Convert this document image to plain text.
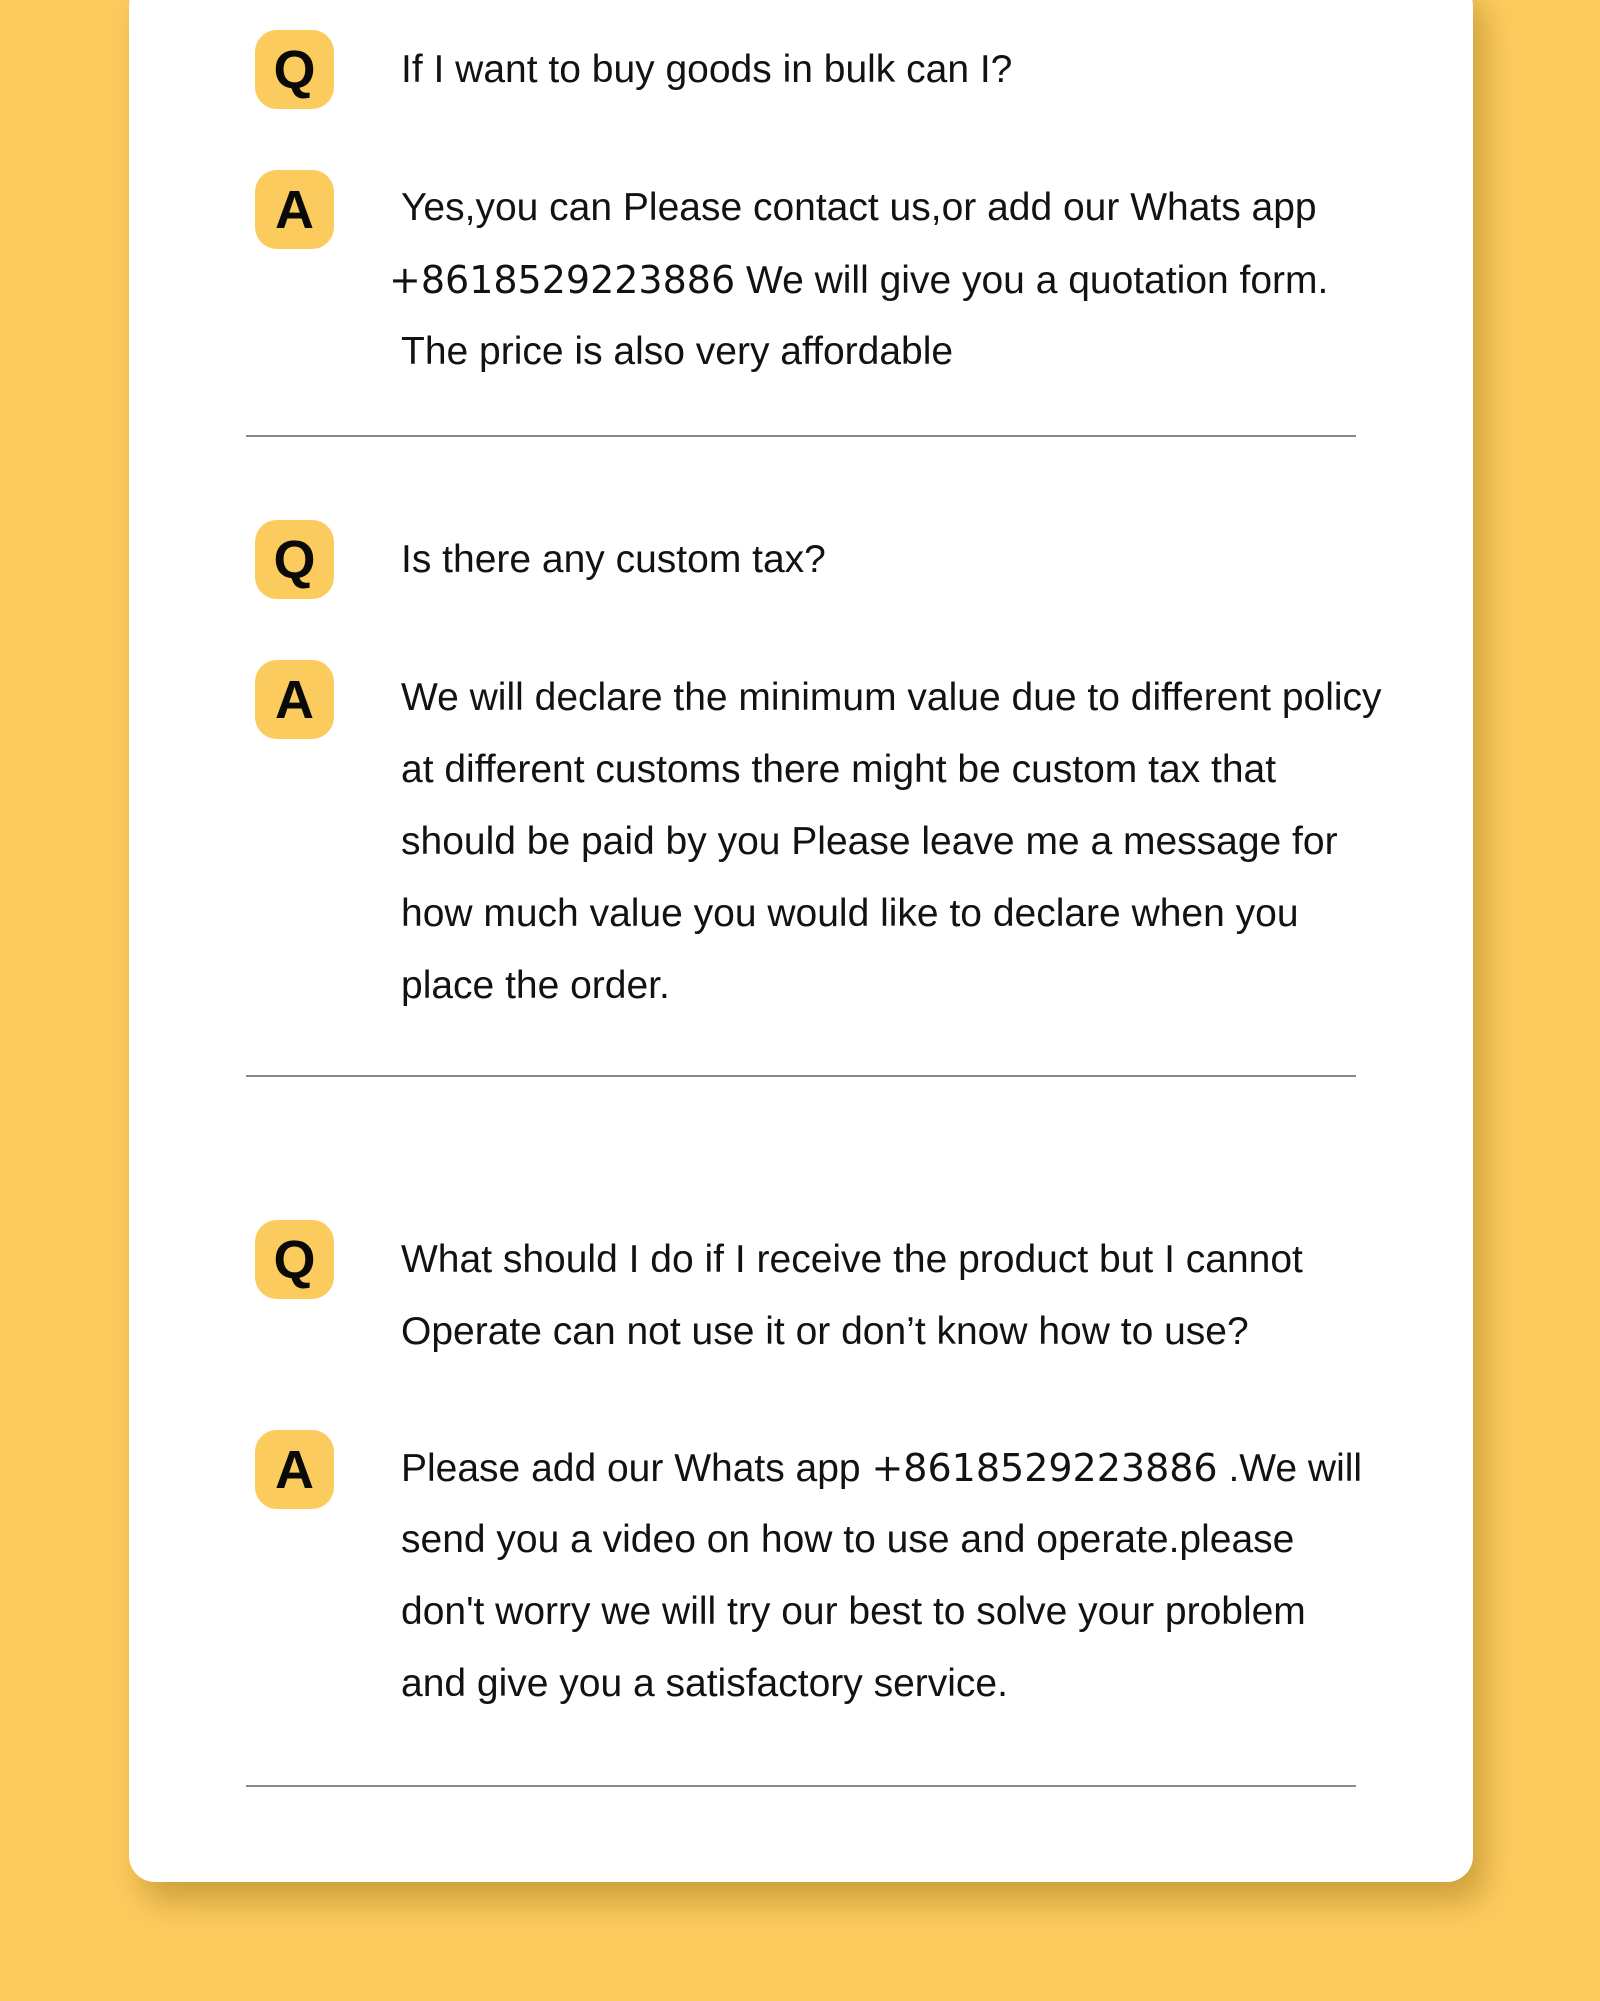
Q	If I want to buy goods in bulk can I?
A	Yes,you can Please contact us,or add our Whats app
+8618529223886 We will give you a quotation form.
The price is also very affordable
Q	Is there any custom tax?
A	We will declare the minimum value due to different policy
at different customs there might be custom tax that
should be paid by you Please leave me a message for
how much value you would like to declare when you
place the order.
Q	What should I do if I receive the product but I cannot
Operate can not use it or don’t know how to use?
A	Please add our Whats app +8618529223886 .We will
send you a video on how to use and operate.please
don't worry we will try our best to solve your problem
and give you a satisfactory service.
